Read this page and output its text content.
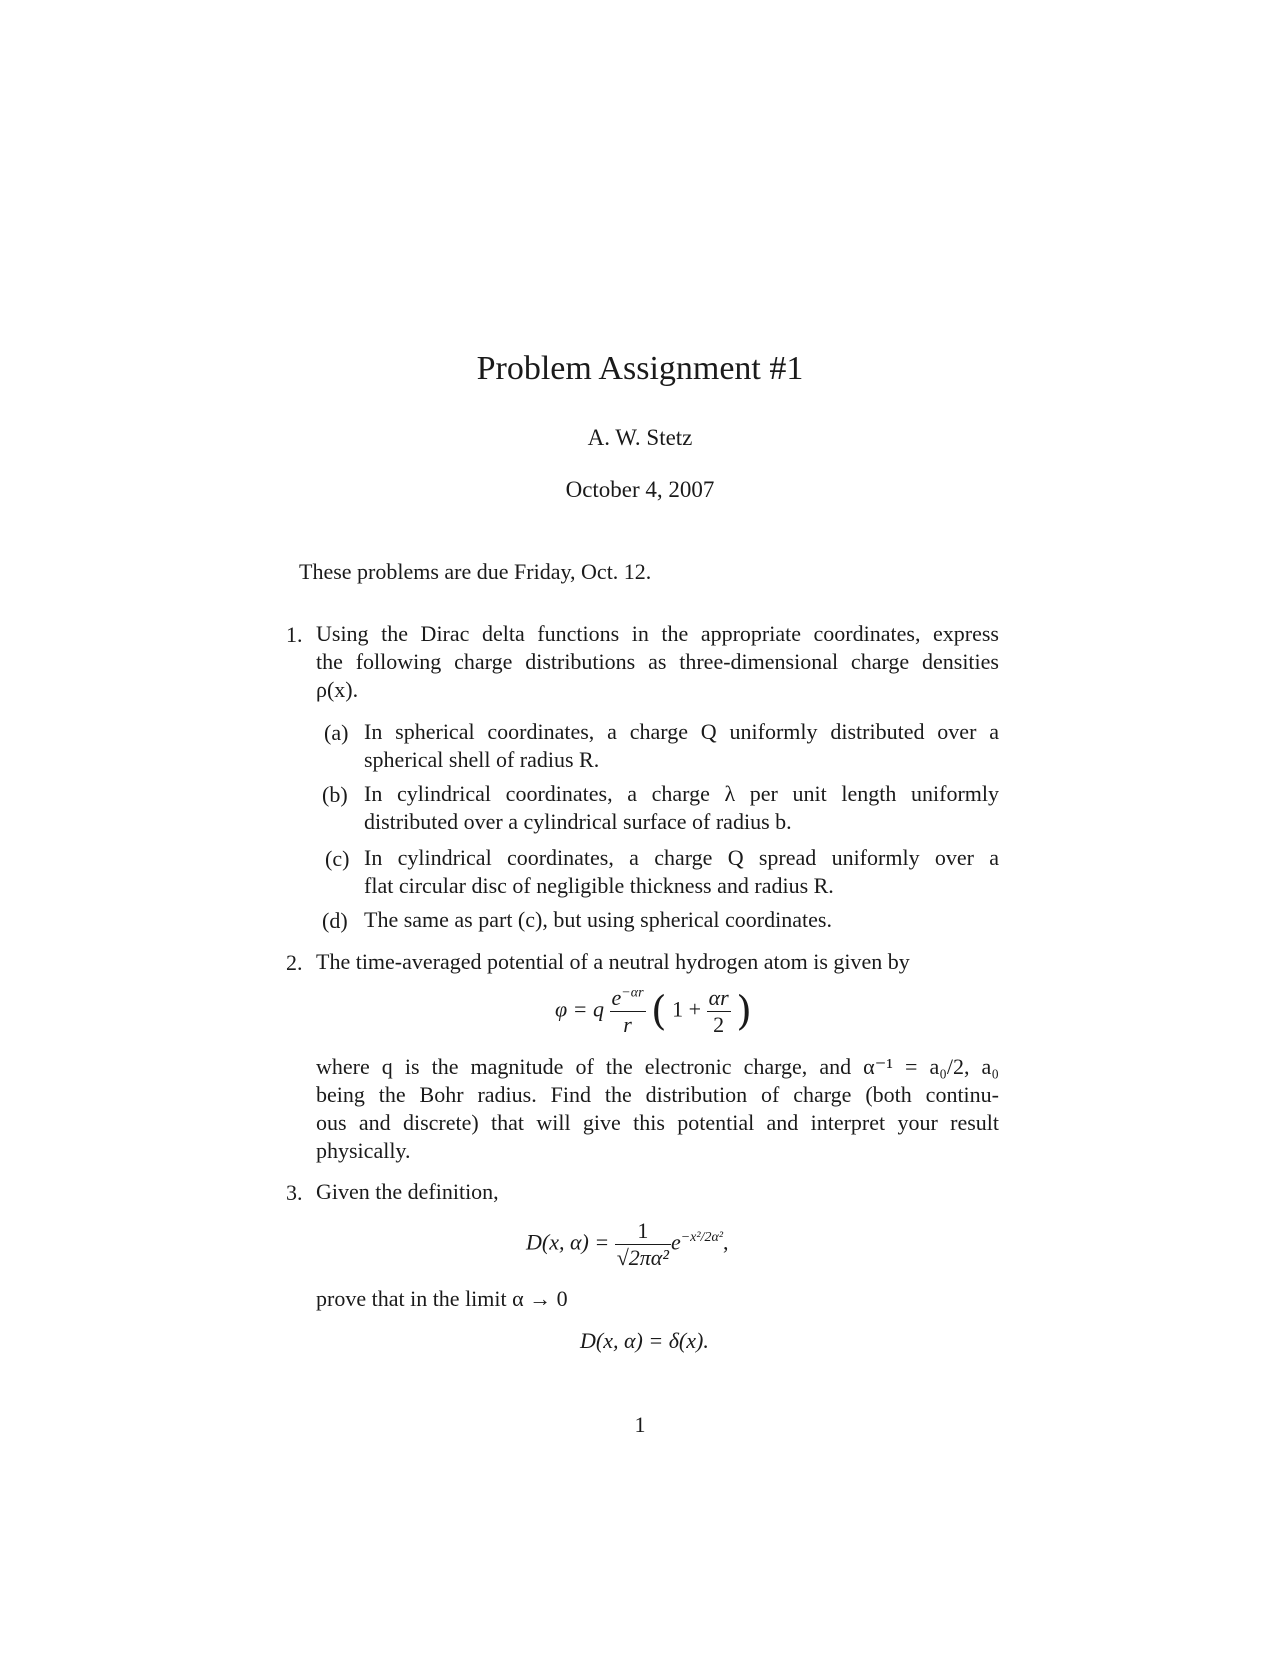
Problem Assignment #1
A. W. Stetz
October 4, 2007
These problems are due Friday, Oct. 12.
1. Using the Dirac delta functions in the appropriate coordinates, express
the following charge distributions as three-dimensional charge densities
ρ(x).
(a) In spherical coordinates, a charge Q uniformly distributed over a
spherical shell of radius R.
(b) In cylindrical coordinates, a charge λ per unit length uniformly
distributed over a cylindrical surface of radius b.
(c) In cylindrical coordinates, a charge Q spread uniformly over a
flat circular disc of negligible thickness and radius R.
(d) The same as part (c), but using spherical coordinates.
2. The time-averaged potential of a neutral hydrogen atom is given by
φ = q $\frac{e^{-\alpha r}}{r}$ ( $1 + \frac{\alpha r}{2}$ )
where q is the magnitude of the electronic charge, and α⁻¹ = a₀/2, a₀
being the Bohr radius. Find the distribution of charge (both continu-
ous and discrete) that will give this potential and interpret your result
physically.
3. Given the definition,
D(x, $\alpha) = \frac{1}{\text{√2πα²}} e^{-x^2/2\alpha^2}$,
prove that in the limit α → 0
D(x, α) = δ(x).
1
